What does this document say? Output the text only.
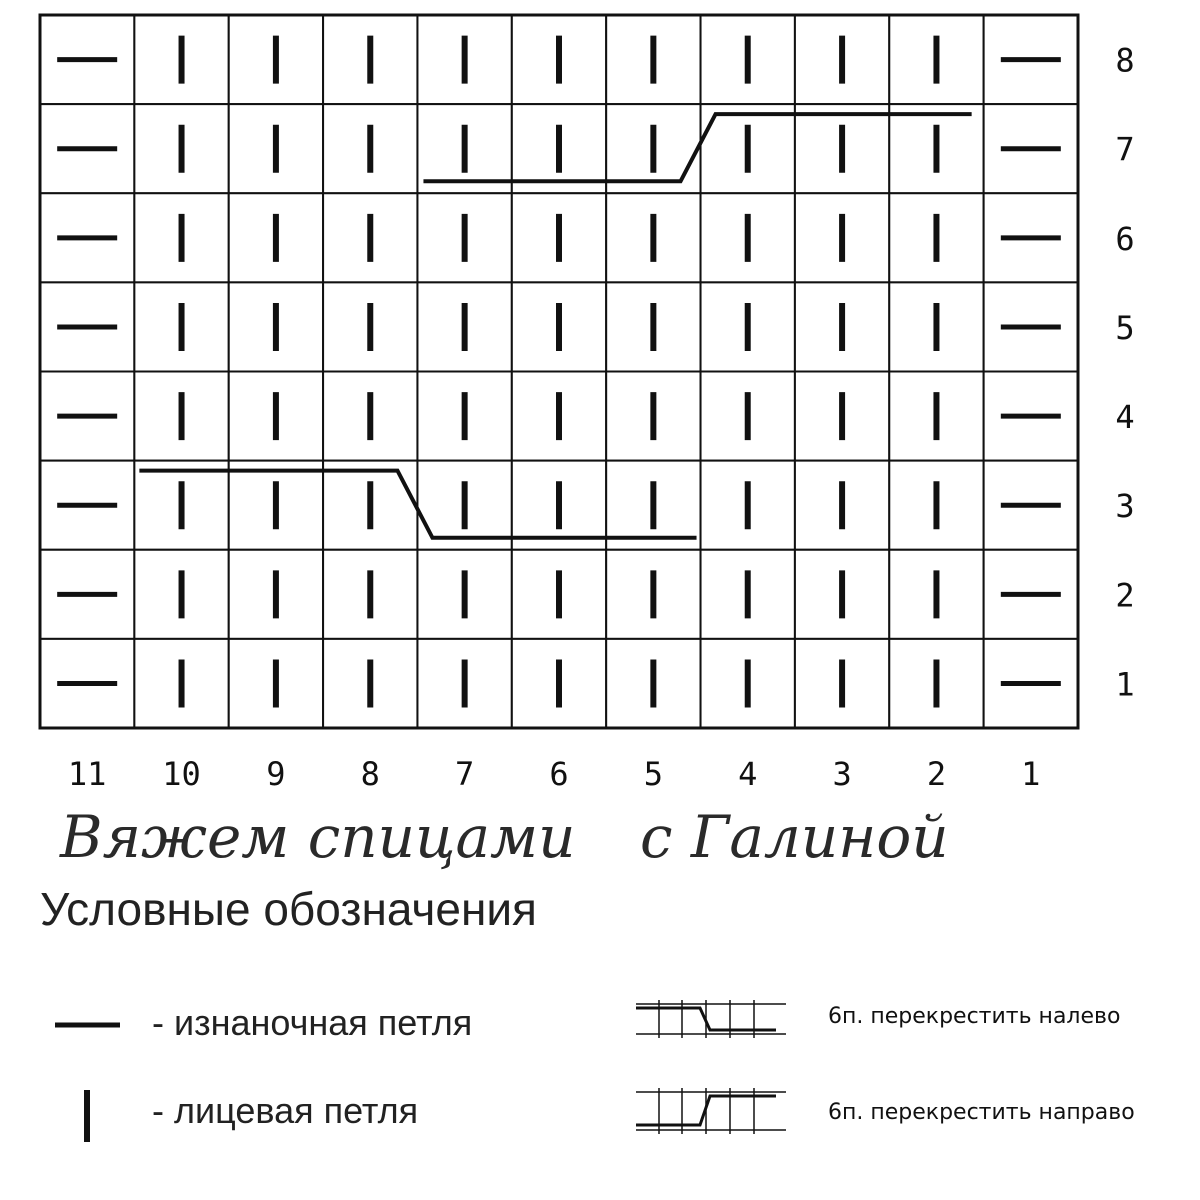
11 10 9 8 7 6 5 4 3 2 1
8
7
6
5
4
3
2
1
Условные обозначения
- изнаночная петля
- лицевая петля
6п. перекрестить налево
6п. перекрестить направо
Вяжем спицами с Галиной
